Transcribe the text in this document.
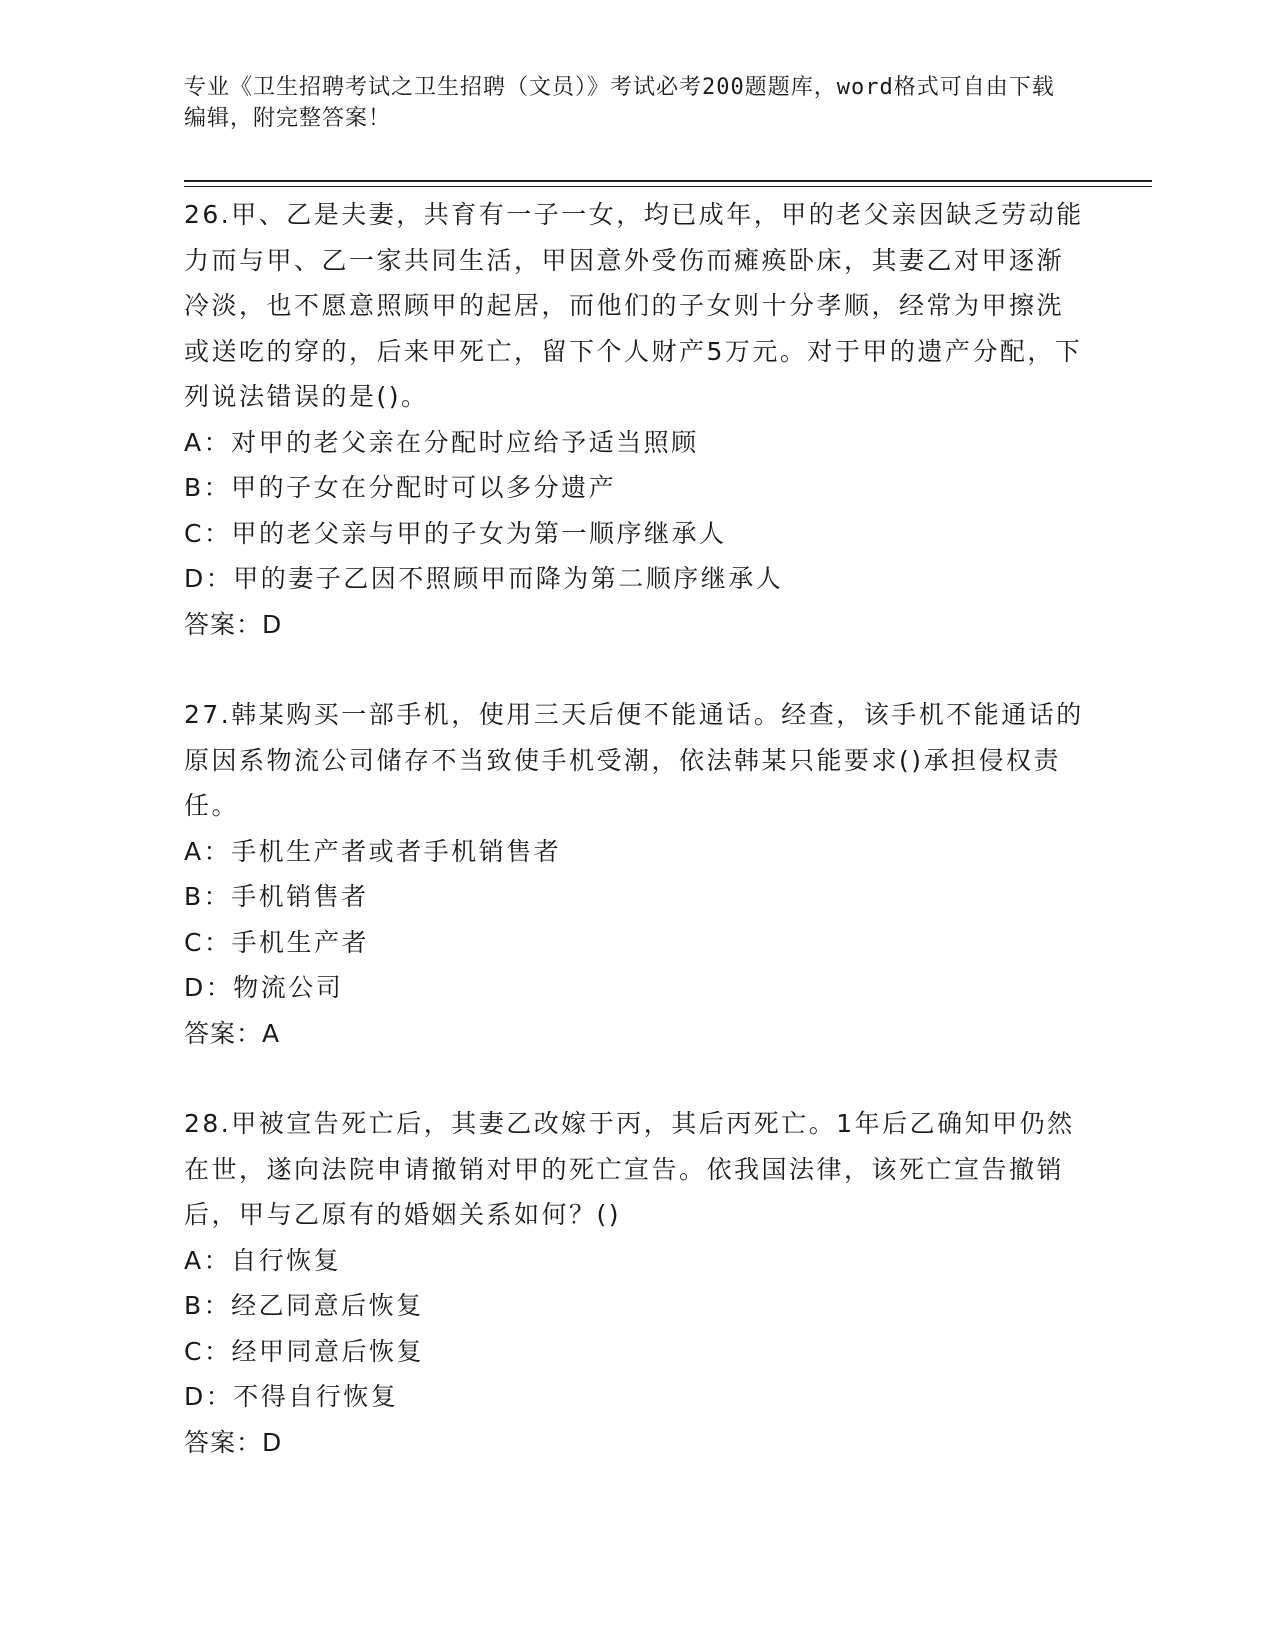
专业《卫生招聘考试之卫生招聘（文员）》考试必考200题题库，word格式可自由下载编辑，附完整答案！

26.甲、乙是夫妻，共育有一子一女，均已成年，甲的老父亲因缺乏劳动能力而与甲、乙一家共同生活，甲因意外受伤而瘫痪卧床，其妻乙对甲逐渐冷淡，也不愿意照顾甲的起居，而他们的子女则十分孝顺，经常为甲擦洗或送吃的穿的，后来甲死亡，留下个人财产5万元。对于甲的遗产分配，下列说法错误的是()。

A：对甲的老父亲在分配时应给予适当照顾

B：甲的子女在分配时可以多分遗产

C：甲的老父亲与甲的子女为第一顺序继承人

D：甲的妻子乙因不照顾甲而降为第二顺序继承人

答案：D

27.韩某购买一部手机，使用三天后便不能通话。经查，该手机不能通话的原因系物流公司储存不当致使手机受潮，依法韩某只能要求()承担侵权责任。

A：手机生产者或者手机销售者

B：手机销售者

C：手机生产者

D：物流公司

答案：A

28.甲被宣告死亡后，其妻乙改嫁于丙，其后丙死亡。1年后乙确知甲仍然在世，遂向法院申请撤销对甲的死亡宣告。依我国法律，该死亡宣告撤销后，甲与乙原有的婚姻关系如何？()

A：自行恢复

B：经乙同意后恢复

C：经甲同意后恢复

D：不得自行恢复

答案：D
